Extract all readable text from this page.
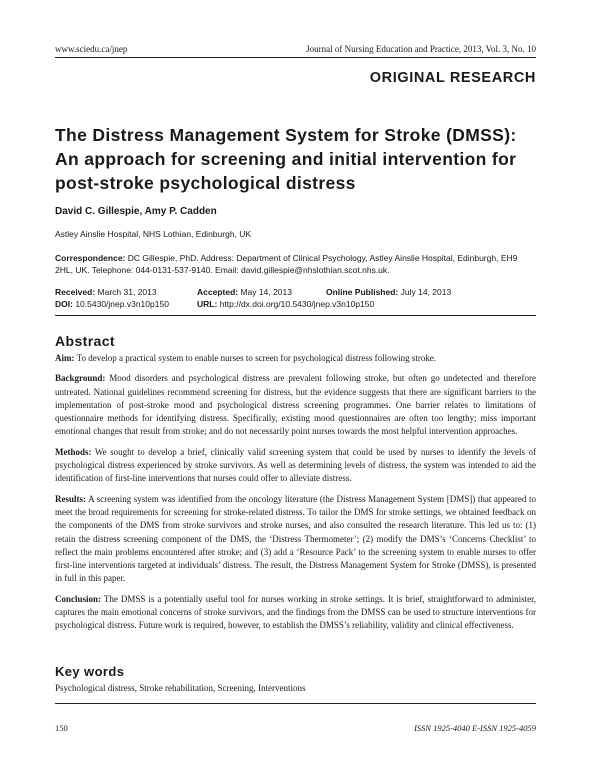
www.sciedu.ca/jnep	Journal of Nursing Education and Practice, 2013, Vol. 3, No. 10
ORIGINAL RESEARCH
The Distress Management System for Stroke (DMSS):
An approach for screening and initial intervention for
post-stroke psychological distress
David C. Gillespie, Amy P. Cadden
Astley Ainslie Hospital, NHS Lothian, Edinburgh, UK
Correspondence: DC Gillespie, PhD. Address: Department of Clinical Psychology, Astley Ainslie Hospital, Edinburgh, EH9 2HL, UK. Telephone: 044-0131-537-9140. Email: david.gillespie@nhslothian.scot.nhs.uk.
Received: March 31, 2013	Accepted: May 14, 2013	Online Published: July 14, 2013
DOI: 10.5430/jnep.v3n10p150	URL: http://dx.doi.org/10.5430/jnep.v3n10p150
Abstract

Aim: To develop a practical system to enable nurses to screen for psychological distress following stroke.

Background: Mood disorders and psychological distress are prevalent following stroke, but often go undetected and therefore untreated. National guidelines recommend screening for distress, but the evidence suggests that there are significant barriers to the implementation of post-stroke mood and psychological distress screening programmes. One barrier relates to limitations of questionnaire methods for identifying distress. Specifically, existing mood questionnaires are often too lengthy; miss important emotional changes that result from stroke; and do not necessarily point nurses towards the most helpful intervention approaches.

Methods: We sought to develop a brief, clinically valid screening system that could be used by nurses to identify the levels of psychological distress experienced by stroke survivors. As well as determining levels of distress, the system was intended to aid the identification of first-line interventions that nurses could offer to alleviate distress.

Results: A screening system was identified from the oncology literature (the Distress Management System [DMS]) that appeared to meet the broad requirements for screening for stroke-related distress. To tailor the DMS for stroke settings, we obtained feedback on the components of the DMS from stroke survivors and stroke nurses, and also consulted the research literature. This led us to: (1) retain the distress screening component of the DMS, the ‘Distress Thermometer’; (2) modify the DMS’s ‘Concerns Checklist’ to reflect the main problems encountered after stroke; and (3) add a ‘Resource Pack’ to the screening system to enable nurses to offer first-line interventions targeted at individuals’ distress. The result, the Distress Management System for Stroke (DMSS), is presented in full in this paper.

Conclusion: The DMSS is a potentially useful tool for nurses working in stroke settings. It is brief, straightforward to administer, captures the main emotional concerns of stroke survivors, and the findings from the DMSS can be used to structure interventions for psychological distress. Future work is required, however, to establish the DMSS’s reliability, validity and clinical effectiveness.

Key words
Psychological distress, Stroke rehabilitation, Screening, Interventions
150	ISSN 1925-4040 E-ISSN 1925-4059
